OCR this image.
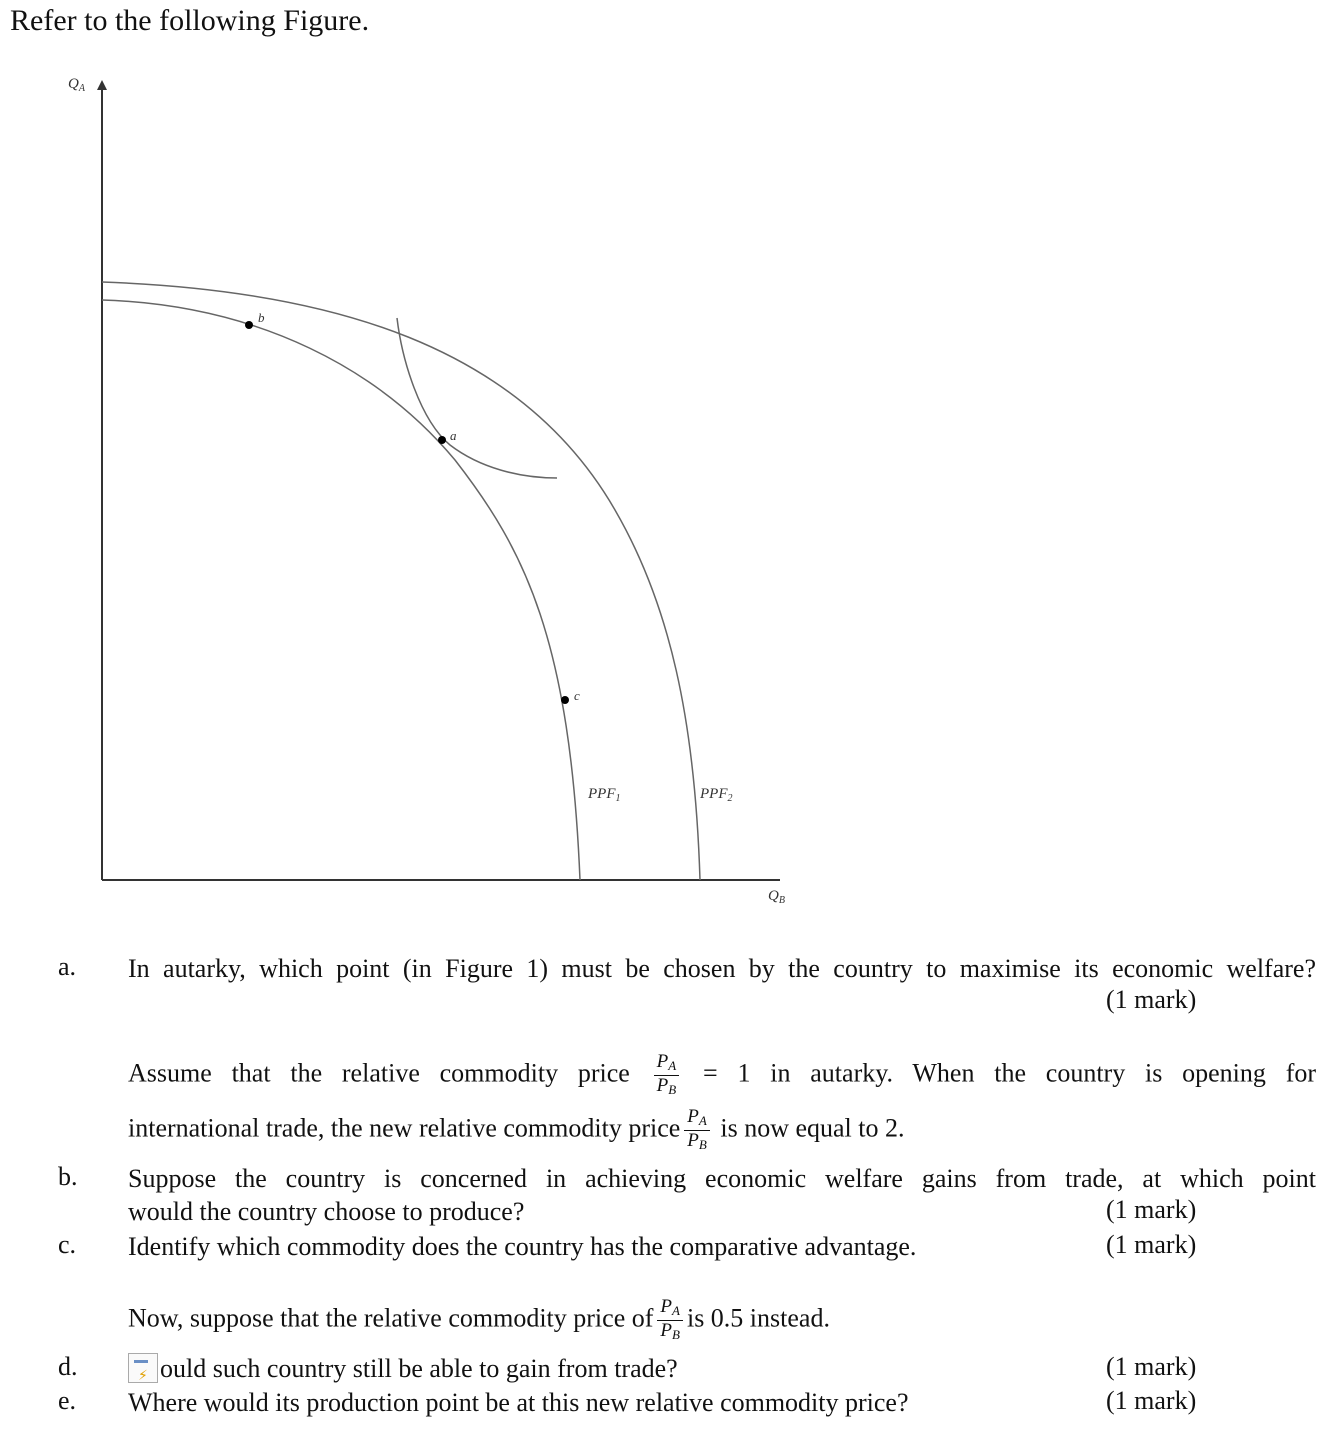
Refer to the following Figure.
$Q_A$
$Q_B$
b
a
c
$PPF_1$	$PPF_2$
a. In autarky, which point (in Figure 1) must be chosen by the country to maximise its economic welfare?
(1 mark)
Assume that the relative commodity price $\frac{P_A}{P_B} = 1$ in autarky. When the country is opening for
international trade, the new relative commodity price $\frac{P_A}{P_B}$ is now equal to 2.
b. Suppose the country is concerned in achieving economic welfare gains from trade, at which point
would the country choose to produce?	(1 mark)
c. Identify which commodity does the country has the comparative advantage.	(1 mark)
Now, suppose that the relative commodity price of $\frac{P_A}{P_B}$ is 0.5 instead.
d.
⚡	ould such country still be able to gain from trade?	(1 mark)
e. Where would its production point be at this new relative commodity price?	(1 mark)
